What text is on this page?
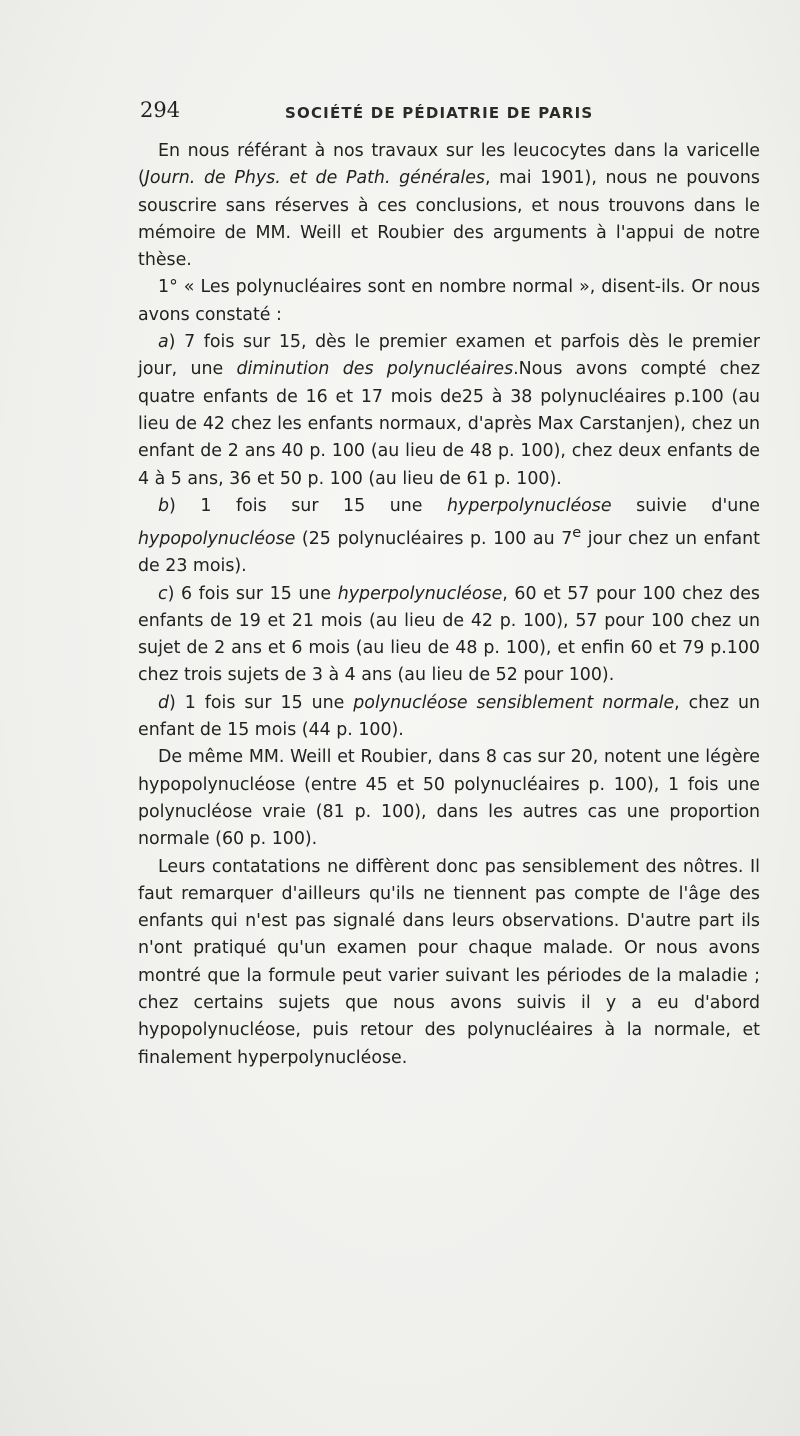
294	SOCIÉTÉ DE PÉDIATRIE DE PARIS

En nous référant à nos travaux sur les leucocytes dans la varicelle (Journ. de Phys. et de Path. générales, mai 1901), nous ne pouvons souscrire sans réserves à ces conclusions, et nous trouvons dans le mémoire de MM. Weill et Roubier des arguments à l'appui de notre thèse.

1° « Les polynucléaires sont en nombre normal », disent-ils. Or nous avons constaté :

a) 7 fois sur 15, dès le premier examen et parfois dès le premier jour, une diminution des polynucléaires.Nous avons compté chez quatre enfants de 16 et 17 mois de25 à 38 polynucléaires p.100 (au lieu de 42 chez les enfants normaux, d'après Max Carstanjen), chez un enfant de 2 ans 40 p. 100 (au lieu de 48 p. 100), chez deux enfants de 4 à 5 ans, 36 et 50 p. 100 (au lieu de 61 p. 100).

b) 1 fois sur 15 une hyperpolynucléose suivie d'une hypopolynucléose (25 polynucléaires p. 100 au 7e jour chez un enfant de 23 mois).

c) 6 fois sur 15 une hyperpolynucléose, 60 et 57 pour 100 chez des enfants de 19 et 21 mois (au lieu de 42 p. 100), 57 pour 100 chez un sujet de 2 ans et 6 mois (au lieu de 48 p. 100), et enfin 60 et 79 p.100 chez trois sujets de 3 à 4 ans (au lieu de 52 pour 100).

d) 1 fois sur 15 une polynucléose sensiblement normale, chez un enfant de 15 mois (44 p. 100).

De même MM. Weill et Roubier, dans 8 cas sur 20, notent une légère hypopolynucléose (entre 45 et 50 polynucléaires p. 100), 1 fois une polynucléose vraie (81 p. 100), dans les autres cas une proportion normale (60 p. 100).

Leurs contatations ne diffèrent donc pas sensiblement des nôtres. Il faut remarquer d'ailleurs qu'ils ne tiennent pas compte de l'âge des enfants qui n'est pas signalé dans leurs observations. D'autre part ils n'ont pratiqué qu'un examen pour chaque malade. Or nous avons montré que la formule peut varier suivant les périodes de la maladie ; chez certains sujets que nous avons suivis il y a eu d'abord hypopolynucléose, puis retour des polynucléaires à la normale, et finalement hyperpolynucléose.
